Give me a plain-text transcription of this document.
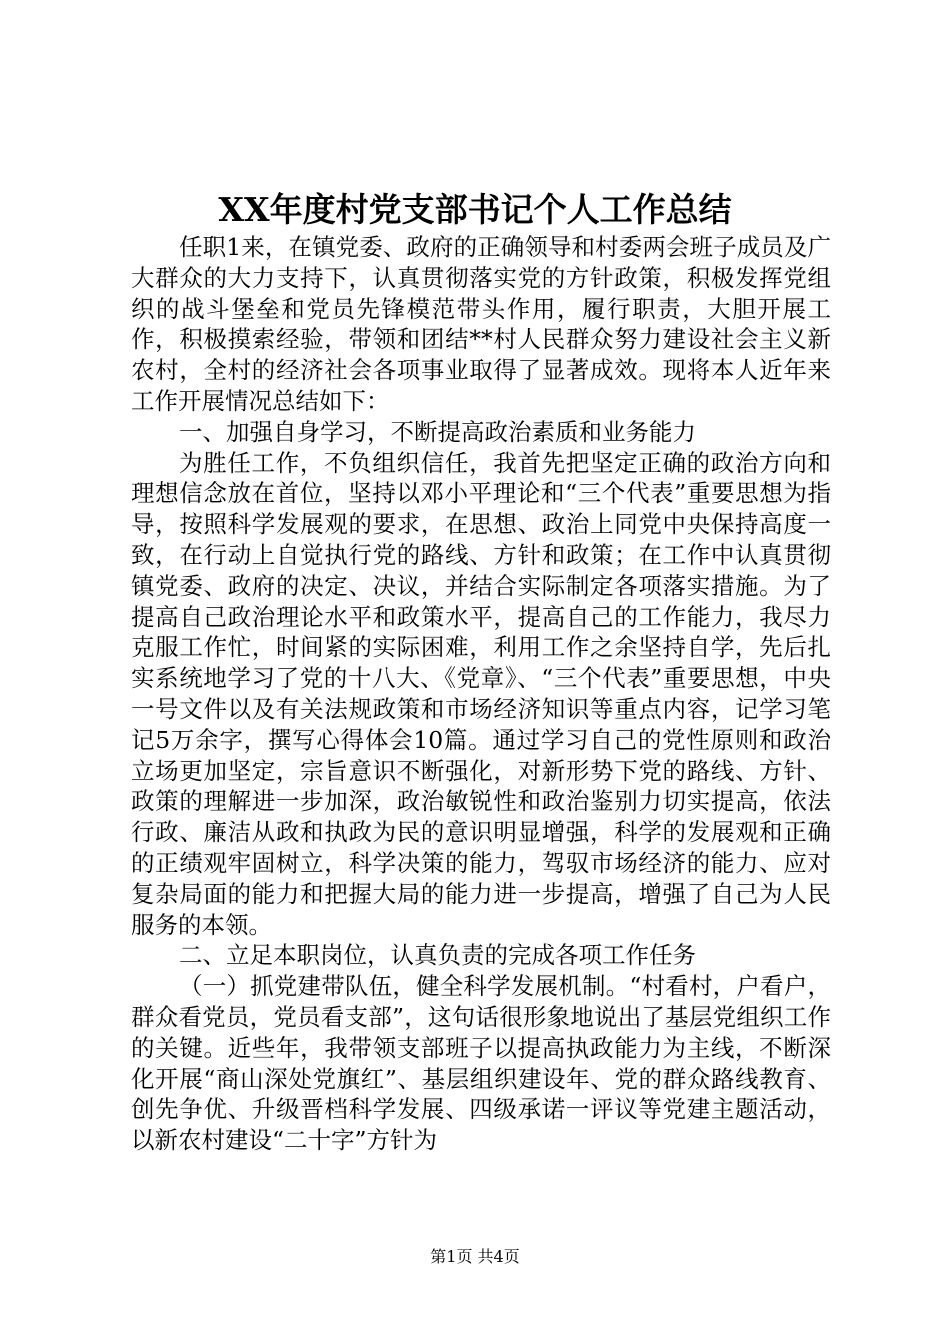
XX年度村党支部书记个人工作总结

任职1来，在镇党委、政府的正确领导和村委两会班子成员及广大群众的大力支持下，认真贯彻落实党的方针政策，积极发挥党组织的战斗堡垒和党员先锋模范带头作用，履行职责，大胆开展工作，积极摸索经验，带领和团结**村人民群众努力建设社会主义新农村，全村的经济社会各项事业取得了显著成效。现将本人近年来工作开展情况总结如下：

一、加强自身学习，不断提高政治素质和业务能力

为胜任工作，不负组织信任，我首先把坚定正确的政治方向和理想信念放在首位，坚持以邓小平理论和“三个代表”重要思想为指导，按照科学发展观的要求，在思想、政治上同党中央保持高度一致，在行动上自觉执行党的路线、方针和政策；在工作中认真贯彻镇党委、政府的决定、决议，并结合实际制定各项落实措施。为了提高自己政治理论水平和政策水平，提高自己的工作能力，我尽力克服工作忙，时间紧的实际困难，利用工作之余坚持自学，先后扎实系统地学习了党的十八大、《党章》、“三个代表”重要思想，中央一号文件以及有关法规政策和市场经济知识等重点内容，记学习笔记5万余字，撰写心得体会10篇。通过学习自己的党性原则和政治立场更加坚定，宗旨意识不断强化，对新形势下党的路线、方针、政策的理解进一步加深，政治敏锐性和政治鉴别力切实提高，依法行政、廉洁从政和执政为民的意识明显增强，科学的发展观和正确的正绩观牢固树立，科学决策的能力，驾驭市场经济的能力、应对复杂局面的能力和把握大局的能力进一步提高，增强了自己为人民服务的本领。

二、立足本职岗位，认真负责的完成各项工作任务

（一）抓党建带队伍，健全科学发展机制。“村看村，户看户，群众看党员，党员看支部”，这句话很形象地说出了基层党组织工作的关键。近些年，我带领支部班子以提高执政能力为主线，不断深化开展“商山深处党旗红”、基层组织建设年、党的群众路线教育、创先争优、升级晋档科学发展、四级承诺一评议等党建主题活动，以新农村建设“二十字”方针为

第1页 共4页
